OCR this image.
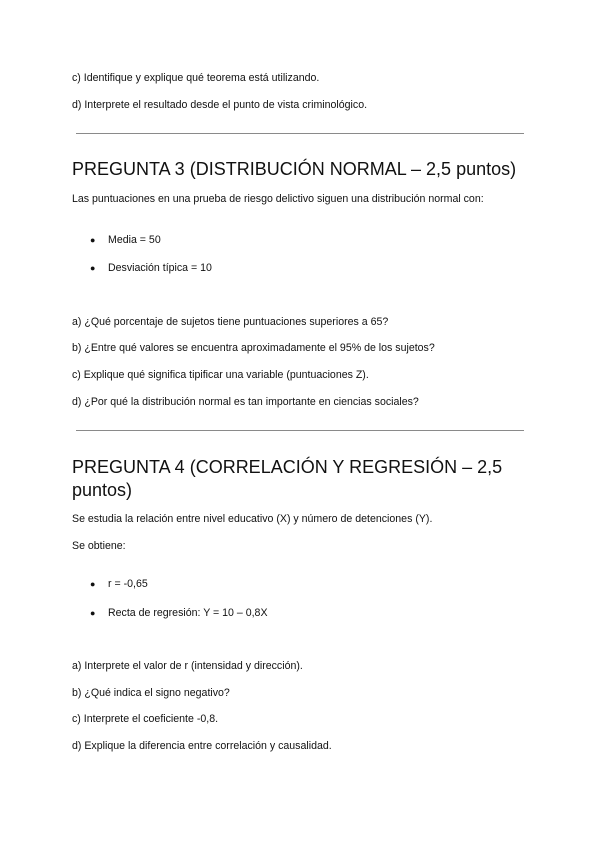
c) Identifique y explique qué teorema está utilizando.
d) Interprete el resultado desde el punto de vista criminológico.
PREGUNTA 3 (DISTRIBUCIÓN NORMAL – 2,5 puntos)
Las puntuaciones en una prueba de riesgo delictivo siguen una distribución normal con:
● Media = 50
● Desviación típica = 10
a) ¿Qué porcentaje de sujetos tiene puntuaciones superiores a 65?
b) ¿Entre qué valores se encuentra aproximadamente el 95% de los sujetos?
c) Explique qué significa tipificar una variable (puntuaciones Z).
d) ¿Por qué la distribución normal es tan importante en ciencias sociales?
PREGUNTA 4 (CORRELACIÓN Y REGRESIÓN – 2,5 puntos)
Se estudia la relación entre nivel educativo (X) y número de detenciones (Y).
Se obtiene:
● r = -0,65
● Recta de regresión: Y = 10 – 0,8X
a) Interprete el valor de r (intensidad y dirección).
b) ¿Qué indica el signo negativo?
c) Interprete el coeficiente -0,8.
d) Explique la diferencia entre correlación y causalidad.
